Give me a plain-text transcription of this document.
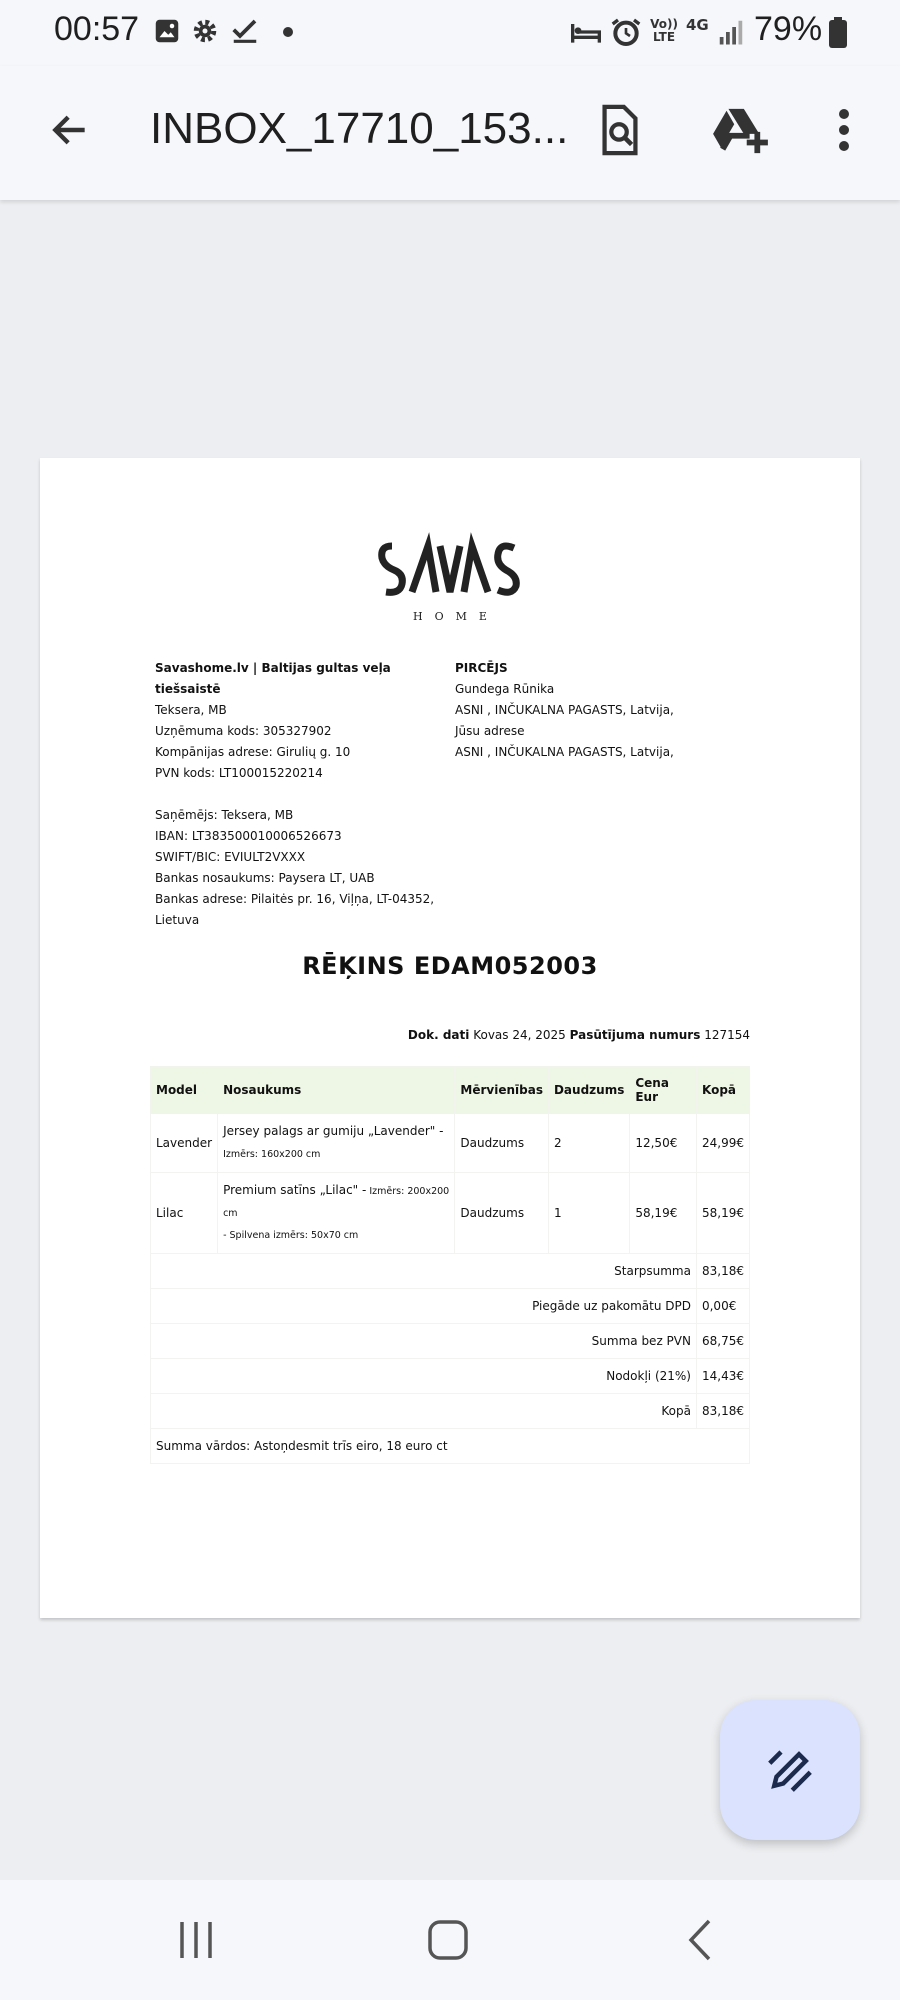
00:57	Vo)) LTE
4G 79%
INBOX_17710_153...
HOME
Savashome.lv | Baltijas gultas veļa tiešsaistē
Teksera, MB
Uzņēmuma kods: 305327902
Kompānijas adrese: Girulių g. 10
PVN kods: LT100015220214
Saņēmējs: Teksera, MB
IBAN: LT383500010006526673
SWIFT/BIC: EVIULT2VXXX
Bankas nosaukums: Paysera LT, UAB
Bankas adrese: Pilaitės pr. 16, Viļņa, LT-04352,
Lietuva
PIRCĒJS
Gundega Rūnika
ASNI , INČUKALNA PAGASTS, Latvija,
Jūsu adrese
ASNI , INČUKALNA PAGASTS, Latvija,
RĒĶINS EDAM052003
Dok. dati Kovas 24, 2025 Pasūtījuma numurs 127154
Model	Nosaukums	Mērvienības	Daudzums	Cena Eur	Kopā
Lavender	Jersey palags ar gumiju „Lavender" -
Izmērs: 160x200 cm	Daudzums	2	12,50€	24,99€
Lilac	Premium satīns „Lilac" - Izmērs: 200x200 cm
- Spilvena izmērs: 50x70 cm	Daudzums	1	58,19€	58,19€
Starpsumma					83,18€
Piegāde uz pakomātu DPD					0,00€
Summa bez PVN					68,75€
Nodokļi (21%)					14,43€
Kopā					83,18€
Summa vārdos: Astoņdesmit trīs eiro, 18 euro ct					
